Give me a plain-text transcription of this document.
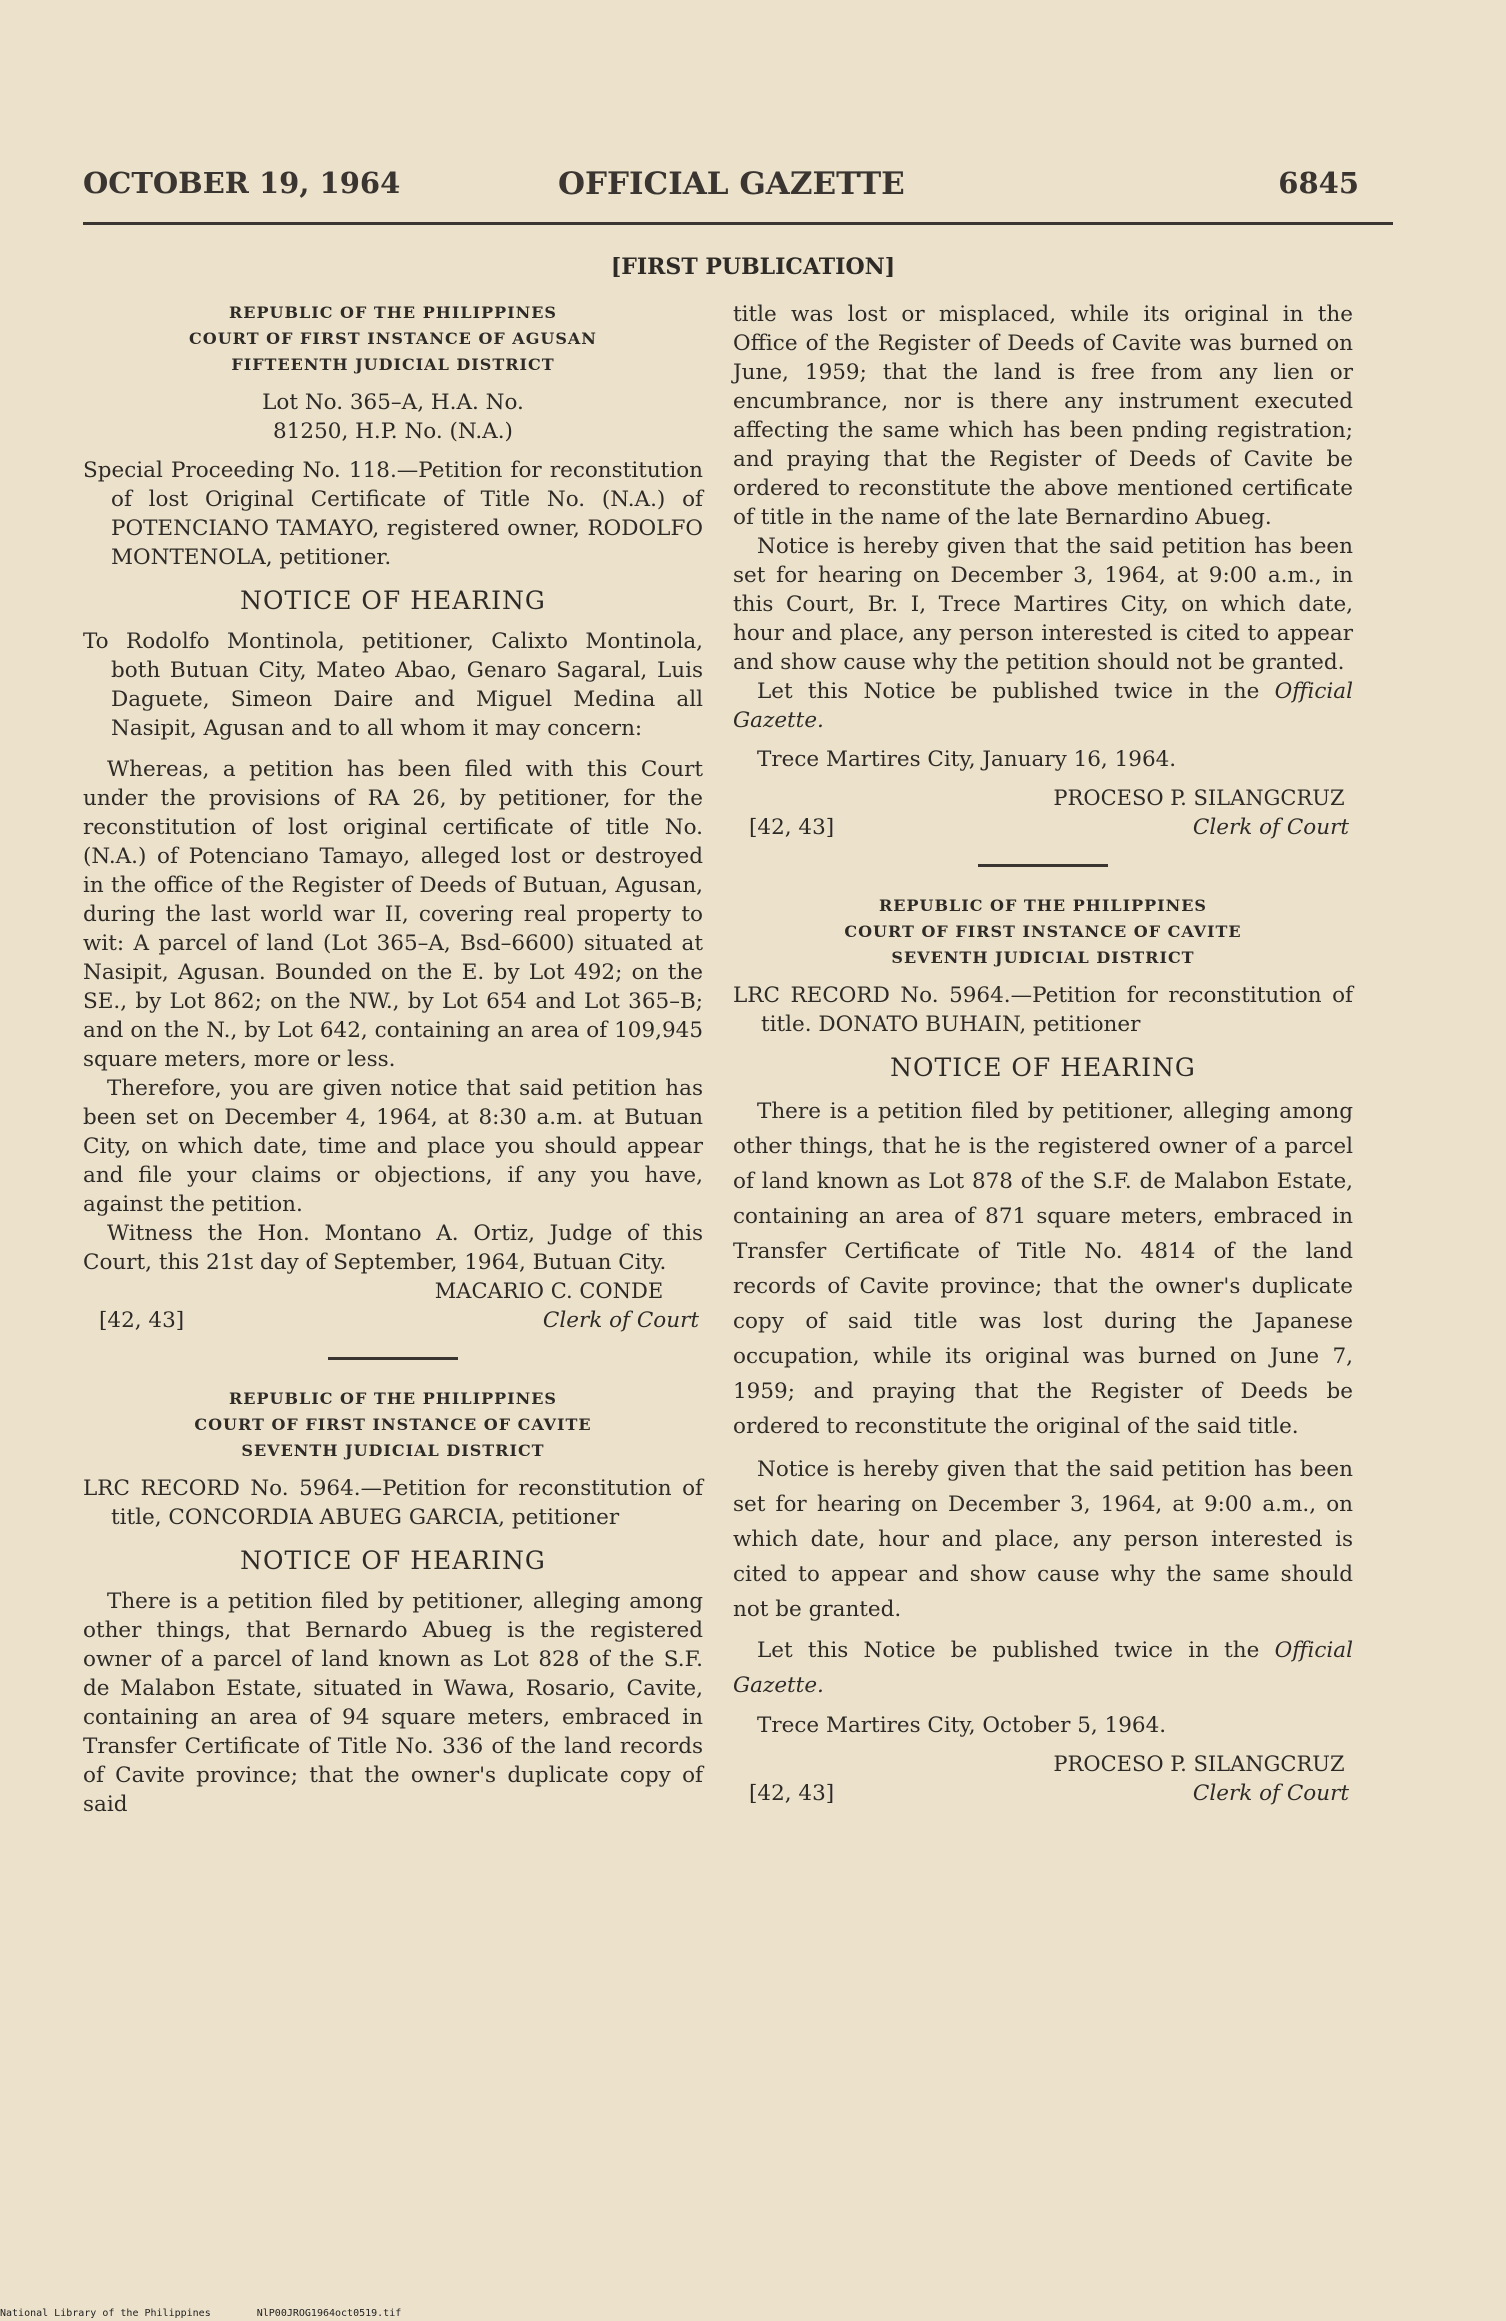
OCTOBER 19, 1964	OFFICIAL GAZETTE	6845
[FIRST PUBLICATION]
REPUBLIC OF THE PHILIPPINES
COURT OF FIRST INSTANCE OF AGUSAN
FIFTEENTH JUDICIAL DISTRICT
Lot No. 365–A, H.A. No.
81250, H.P. No. (N.A.)

Special Proceeding No. 118.—Petition for reconstitution of lost Original Certificate of Title No. (N.A.) of POTENCIANO TAMAYO, registered owner, RODOLFO MONTENOLA, petitioner.

NOTICE OF HEARING

To Rodolfo Montinola, petitioner, Calixto Montinola, both Butuan City, Mateo Abao, Genaro Sagaral, Luis Daguete, Simeon Daire and Miguel Medina all Nasipit, Agusan and to all whom it may concern:

Whereas, a petition has been filed with this Court under the provisions of RA 26, by petitioner, for the reconstitution of lost original certificate of title No. (N.A.) of Potenciano Tamayo, alleged lost or destroyed in the office of the Register of Deeds of Butuan, Agusan, during the last world war II, covering real property to wit: A parcel of land (Lot 365–A, Bsd–6600) situated at Nasipit, Agusan. Bounded on the E. by Lot 492; on the SE., by Lot 862; on the NW., by Lot 654 and Lot 365–B; and on the N., by Lot 642, containing an area of 109,945 square meters, more or less.

Therefore, you are given notice that said petition has been set on December 4, 1964, at 8:30 a.m. at Butuan City, on which date, time and place you should appear and file your claims or objections, if any you have, against the petition.

Witness the Hon. Montano A. Ortiz, Judge of this Court, this 21st day of September, 1964, Butuan City.

MACARIO C. CONDE
Clerk of Court
[42, 43]
REPUBLIC OF THE PHILIPPINES
COURT OF FIRST INSTANCE OF CAVITE
SEVENTH JUDICIAL DISTRICT

LRC RECORD No. 5964.—Petition for reconstitution of title, CONCORDIA ABUEG GARCIA, petitioner

NOTICE OF HEARING

There is a petition filed by petitioner, alleging among other things, that Bernardo Abueg is the registered owner of a parcel of land known as Lot 828 of the S.F. de Malabon Estate, situated in Wawa, Rosario, Cavite, containing an area of 94 square meters, embraced in Transfer Certificate of Title No. 336 of the land records of Cavite province; that the owner's duplicate copy of said

title was lost or misplaced, while its original in the Office of the Register of Deeds of Cavite was burned on June, 1959; that the land is free from any lien or encumbrance, nor is there any instrument executed affecting the same which has been pnding registration; and praying that the Register of Deeds of Cavite be ordered to reconstitute the above mentioned certificate of title in the name of the late Bernardino Abueg.

Notice is hereby given that the said petition has been set for hearing on December 3, 1964, at 9:00 a.m., in this Court, Br. I, Trece Martires City, on which date, hour and place, any person interested is cited to appear and show cause why the petition should not be granted.

Let this Notice be published twice in the Official Gazette.

Trece Martires City, January 16, 1964.

PROCESO P. SILANGCRUZ
Clerk of Court
[42, 43]
REPUBLIC OF THE PHILIPPINES
COURT OF FIRST INSTANCE OF CAVITE
SEVENTH JUDICIAL DISTRICT

LRC RECORD No. 5964.—Petition for reconstitution of title. DONATO BUHAIN, petitioner

NOTICE OF HEARING

There is a petition filed by petitioner, alleging among other things, that he is the registered owner of a parcel of land known as Lot 878 of the S.F. de Malabon Estate, containing an area of 871 square meters, embraced in Transfer Certificate of Title No. 4814 of the land records of Cavite province; that the owner's duplicate copy of said title was lost during the Japanese occupation, while its original was burned on June 7, 1959; and praying that the Register of Deeds be ordered to reconstitute the original of the said title.

Notice is hereby given that the said petition has been set for hearing on December 3, 1964, at 9:00 a.m., on which date, hour and place, any person interested is cited to appear and show cause why the same should not be granted.

Let this Notice be published twice in the Official Gazette.

Trece Martires City, October 5, 1964.

PROCESO P. SILANGCRUZ
Clerk of Court
[42, 43]
National Library of the Philippines	NlP00JROG1964oct0519.tif
